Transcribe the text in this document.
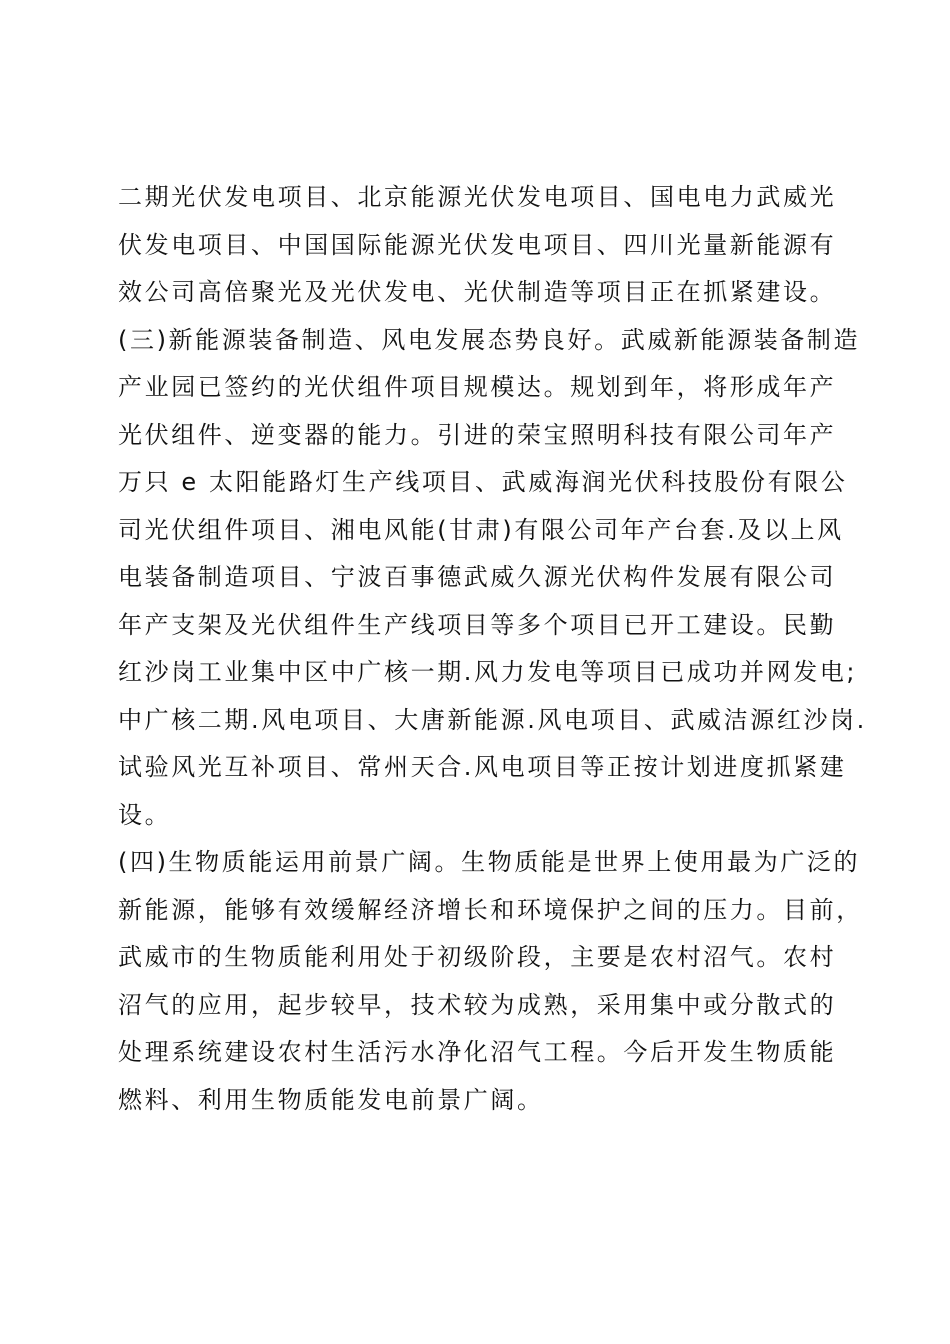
二期光伏发电项目、北京能源光伏发电项目、国电电力武威光
伏发电项目、中国国际能源光伏发电项目、四川光量新能源有
效公司高倍聚光及光伏发电、光伏制造等项目正在抓紧建设。
(三)新能源装备制造、风电发展态势良好。武威新能源装备制造
产业园已签约的光伏组件项目规模达。规划到年，将形成年产
光伏组件、逆变器的能力。引进的荣宝照明科技有限公司年产
万只 e 太阳能路灯生产线项目、武威海润光伏科技股份有限公
司光伏组件项目、湘电风能(甘肃)有限公司年产台套.及以上风
电装备制造项目、宁波百事德武威久源光伏构件发展有限公司
年产支架及光伏组件生产线项目等多个项目已开工建设。民勤
红沙岗工业集中区中广核一期.风力发电等项目已成功并网发电;
中广核二期.风电项目、大唐新能源.风电项目、武威洁源红沙岗.
试验风光互补项目、常州天合.风电项目等正按计划进度抓紧建
设。
(四)生物质能运用前景广阔。生物质能是世界上使用最为广泛的
新能源，能够有效缓解经济增长和环境保护之间的压力。目前，
武威市的生物质能利用处于初级阶段，主要是农村沼气。农村
沼气的应用，起步较早，技术较为成熟，采用集中或分散式的
处理系统建设农村生活污水净化沼气工程。今后开发生物质能
燃料、利用生物质能发电前景广阔。
